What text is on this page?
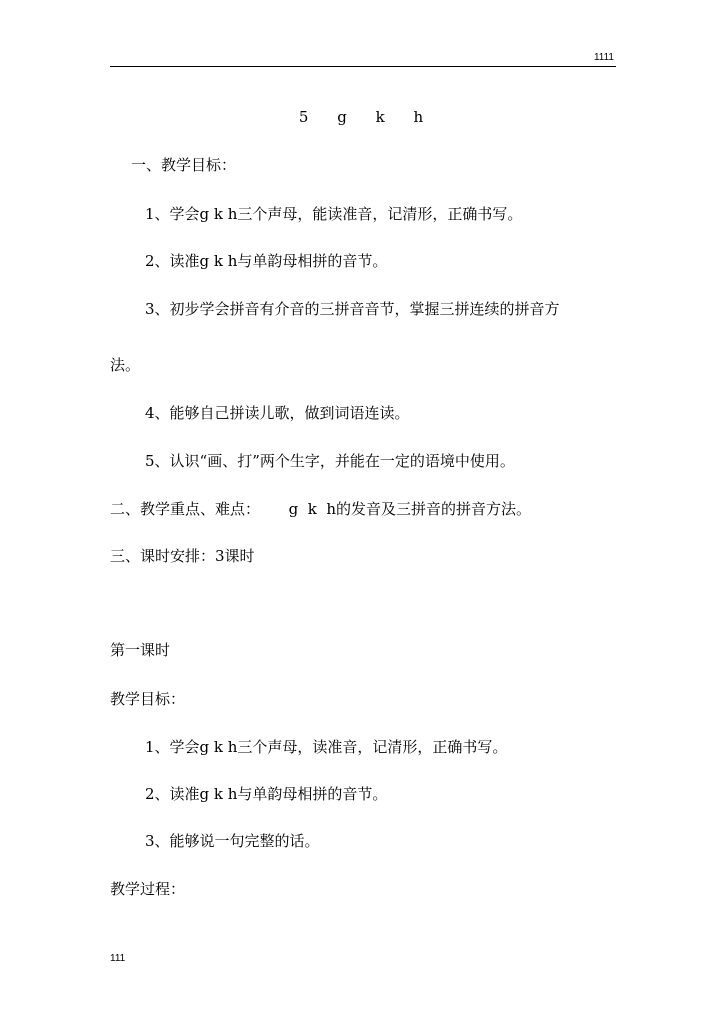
1111
5 g k h
一、教学目标：
1、学会g k h三个声母，能读准音，记清形，正确书写。
2、读准g k h与单韵母相拼的音节。
3、初步学会拼音有介音的三拼音音节，掌握三拼连续的拼音方
法。
4、能够自己拼读儿歌，做到词语连读。
5、认识“画、打”两个生字，并能在一定的语境中使用。
二、教学重点、难点：      g  k  h的发音及三拼音的拼音方法。
三、课时安排：3课时
第一课时
教学目标：
1、学会g k h三个声母，读准音，记清形，正确书写。
2、读准g k h与单韵母相拼的音节。
3、能够说一句完整的话。
教学过程：
111
